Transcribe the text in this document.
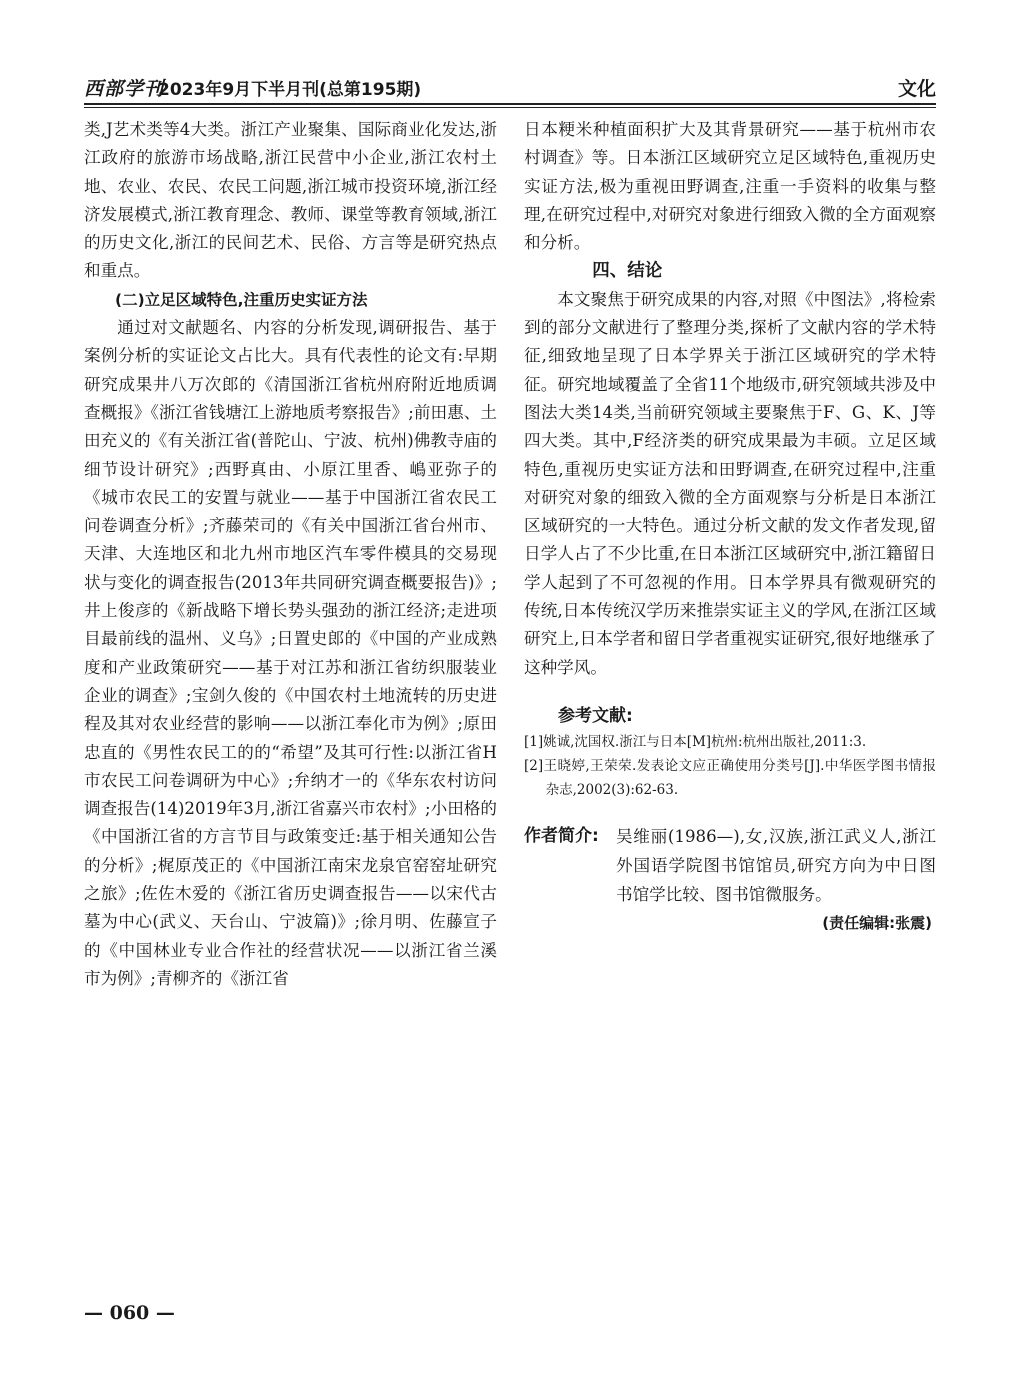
西部学刊
2023年9月下半月刊(总第195期)	文化

类,J艺术类等4大类。浙江产业聚集、国际商业化发达,浙江政府的旅游市场战略,浙江民营中小企业,浙江农村土地、农业、农民、农民工问题,浙江城市投资环境,浙江经济发展模式,浙江教育理念、教师、课堂等教育领域,浙江的历史文化,浙江的民间艺术、民俗、方言等是研究热点和重点。

(二)立足区域特色,注重历史实证方法

通过对文献题名、内容的分析发现,调研报告、基于案例分析的实证论文占比大。具有代表性的论文有:早期研究成果井八万次郎的《清国浙江省杭州府附近地质调查概报》《浙江省钱塘江上游地质考察报告》;前田惠、土田充义的《有关浙江省(普陀山、宁波、杭州)佛教寺庙的细节设计研究》;西野真由、小原江里香、嶋亚弥子的《城市农民工的安置与就业——基于中国浙江省农民工问卷调查分析》;齐藤荣司的《有关中国浙江省台州市、天津、大连地区和北九州市地区汽车零件模具的交易现状与变化的调查报告(2013年共同研究调查概要报告)》;井上俊彦的《新战略下增长势头强劲的浙江经济;走进项目最前线的温州、义乌》;日置史郎的《中国的产业成熟度和产业政策研究——基于对江苏和浙江省纺织服装业企业的调查》;宝剑久俊的《中国农村土地流转的历史进程及其对农业经营的影响——以浙江奉化市为例》;原田忠直的《男性农民工的的“希望”及其可行性:以浙江省H市农民工问卷调研为中心》;弁纳才一的《华东农村访问调查报告(14)2019年3月,浙江省嘉兴市农村》;小田格的《中国浙江省的方言节目与政策变迁:基于相关通知公告的分析》;梶原茂正的《中国浙江南宋龙泉官窑窑址研究之旅》;佐佐木爱的《浙江省历史调查报告——以宋代古墓为中心(武义、天台山、宁波篇)》;徐月明、佐藤宣子的《中国林业专业合作社的经营状况——以浙江省兰溪市为例》;青柳齐的《浙江省

日本粳米种植面积扩大及其背景研究——基于杭州市农村调查》等。日本浙江区域研究立足区域特色,重视历史实证方法,极为重视田野调查,注重一手资料的收集与整理,在研究过程中,对研究对象进行细致入微的全方面观察和分析。

四、结论

本文聚焦于研究成果的内容,对照《中图法》,将检索到的部分文献进行了整理分类,探析了文献内容的学术特征,细致地呈现了日本学界关于浙江区域研究的学术特征。研究地域覆盖了全省11个地级市,研究领域共涉及中图法大类14类,当前研究领域主要聚焦于F、G、K、J等四大类。其中,F经济类的研究成果最为丰硕。立足区域特色,重视历史实证方法和田野调查,在研究过程中,注重对研究对象的细致入微的全方面观察与分析是日本浙江区域研究的一大特色。通过分析文献的发文作者发现,留日学人占了不少比重,在日本浙江区域研究中,浙江籍留日学人起到了不可忽视的作用。日本学界具有微观研究的传统,日本传统汉学历来推崇实证主义的学风,在浙江区域研究上,日本学者和留日学者重视实证研究,很好地继承了这种学风。

参考文献:

[1]姚诚,沈国权.浙江与日本[M]杭州:杭州出版社,2011:3.
[2]王晓婷,王荣荣.发表论文应正确使用分类号[J].中华医学图书情报杂志,2002(3):62-63.
作者简介: 吴维丽(1986—),女,汉族,浙江武义人,浙江外国语学院图书馆馆员,研究方向为中日图书馆学比较、图书馆微服务。

(责任编辑:张震)

— 060 —
